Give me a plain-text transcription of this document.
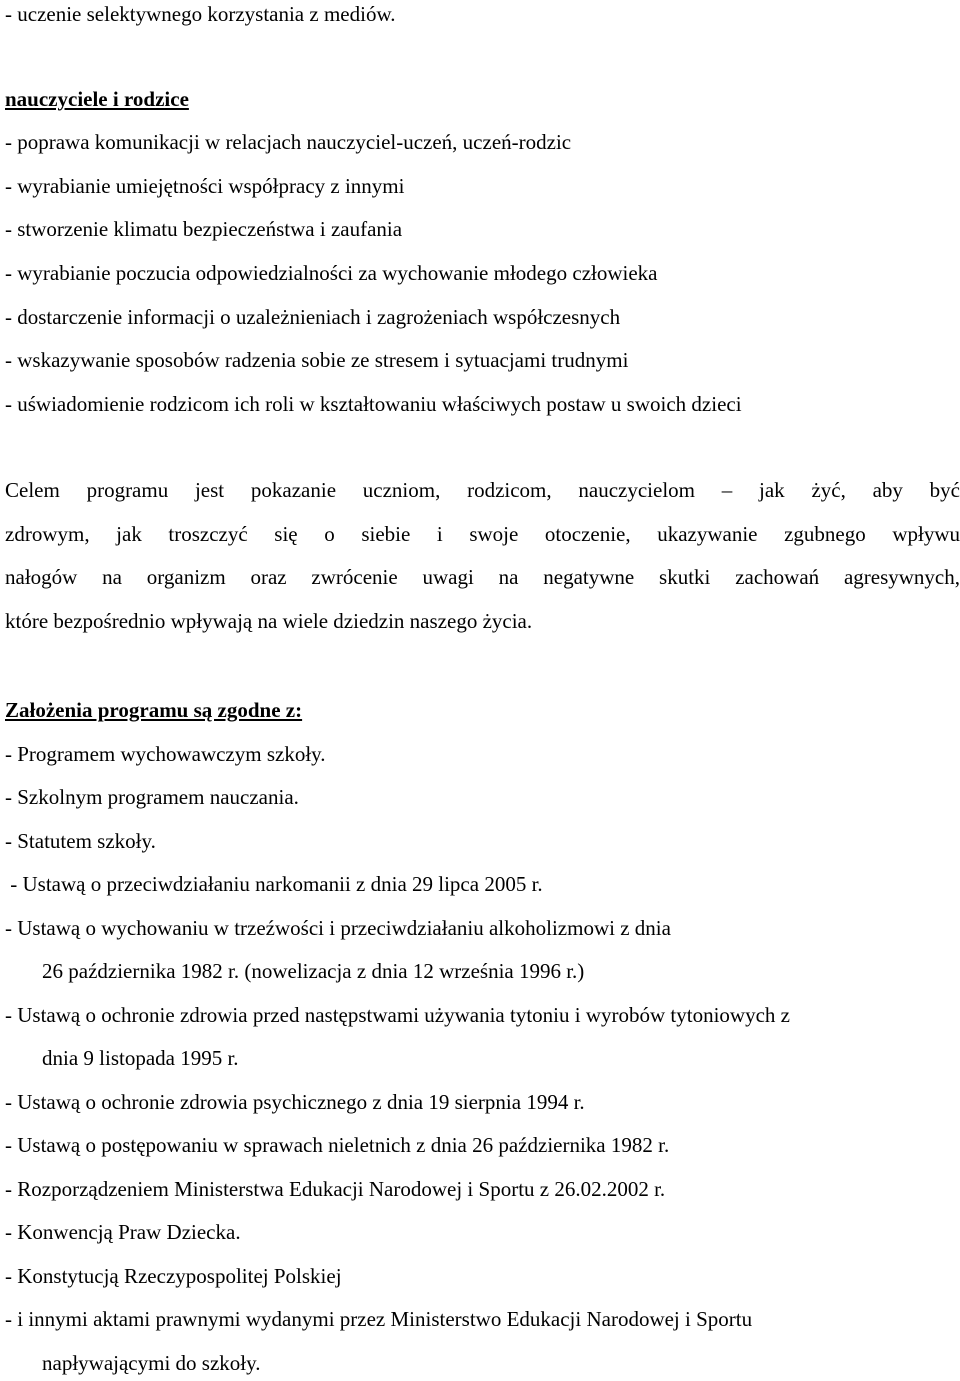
- uczenie selektywnego korzystania z mediów.
nauczyciele i rodzice
- poprawa komunikacji w relacjach nauczyciel-uczeń, uczeń-rodzic
- wyrabianie umiejętności współpracy z innymi
- stworzenie klimatu bezpieczeństwa i zaufania
- wyrabianie poczucia odpowiedzialności za wychowanie młodego człowieka
- dostarczenie informacji o uzależnieniach i zagrożeniach współczesnych
- wskazywanie sposobów radzenia sobie ze stresem i sytuacjami trudnymi
- uświadomienie rodzicom ich roli w kształtowaniu właściwych postaw u swoich dzieci
Celem programu jest pokazanie uczniom, rodzicom, nauczycielom – jak żyć, aby być
zdrowym, jak troszczyć się o siebie i swoje otoczenie, ukazywanie zgubnego wpływu
nałogów na organizm oraz zwrócenie uwagi na negatywne skutki zachowań agresywnych,
które bezpośrednio wpływają na wiele dziedzin naszego życia.
Założenia programu są zgodne z:
- Programem wychowawczym szkoły.
- Szkolnym programem nauczania.
- Statutem szkoły.
- Ustawą o przeciwdziałaniu narkomanii z dnia 29 lipca 2005 r.
- Ustawą o wychowaniu w trzeźwości i przeciwdziałaniu alkoholizmowi z dnia
26 października 1982 r. (nowelizacja z dnia 12 września 1996 r.)
- Ustawą o ochronie zdrowia przed następstwami używania tytoniu i wyrobów tytoniowych z
dnia 9 listopada 1995 r.
- Ustawą o ochronie zdrowia psychicznego z dnia 19 sierpnia 1994 r.
- Ustawą o postępowaniu w sprawach nieletnich z dnia 26 października 1982 r.
- Rozporządzeniem Ministerstwa Edukacji Narodowej i Sportu z 26.02.2002 r.
- Konwencją Praw Dziecka.
- Konstytucją Rzeczypospolitej Polskiej
- i innymi aktami prawnymi wydanymi przez Ministerstwo Edukacji Narodowej i Sportu
napływającymi do szkoły.
